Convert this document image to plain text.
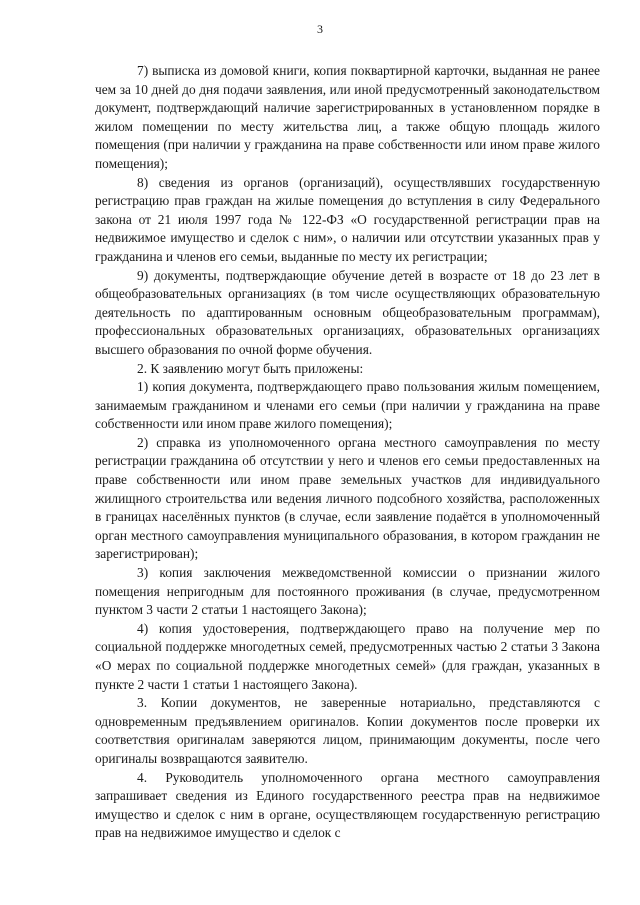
3

7) выписка из домовой книги, копия поквартирной карточки, выданная не ранее чем за 10 дней до дня подачи заявления, или иной предусмотренный законодательством документ, подтверждающий наличие зарегистрированных в установленном порядке в жилом помещении по месту жительства лиц, а также общую площадь жилого помещения (при наличии у гражданина на праве собственности или ином праве жилого помещения);

8) сведения из органов (организаций), осуществлявших государственную регистрацию прав граждан на жилые помещения до вступления в силу Федерального закона от 21 июля 1997 года № 122-ФЗ «О государственной регистрации прав на недвижимое имущество и сделок с ним», о наличии или отсутствии указанных прав у гражданина и членов его семьи, выданные по месту их регистрации;

9) документы, подтверждающие обучение детей в возрасте от 18 до 23 лет в общеобразовательных организациях (в том числе осуществляющих образовательную деятельность по адаптированным основным общеобразовательным программам), профессиональных образовательных организациях, образовательных организациях высшего образования по очной форме обучения.

2. К заявлению могут быть приложены:

1) копия документа, подтверждающего право пользования жилым помещением, занимаемым гражданином и членами его семьи (при наличии у гражданина на праве собственности или ином праве жилого помещения);

2) справка из уполномоченного органа местного самоуправления по месту регистрации гражданина об отсутствии у него и членов его семьи предоставленных на праве собственности или ином праве земельных участков для индивидуального жилищного строительства или ведения личного подсобного хозяйства, расположенных в границах населённых пунктов (в случае, если заявление подаётся в уполномоченный орган местного самоуправления муниципального образования, в котором гражданин не зарегистрирован);

3) копия заключения межведомственной комиссии о признании жилого помещения непригодным для постоянного проживания (в случае, предусмотренном пунктом 3 части 2 статьи 1 настоящего Закона);

4) копия удостоверения, подтверждающего право на получение мер по социальной поддержке многодетных семей, предусмотренных частью 2 статьи 3 Закона «О мерах по социальной поддержке многодетных семей» (для граждан, указанных в пункте 2 части 1 статьи 1 настоящего Закона).

3. Копии документов, не заверенные нотариально, представляются с одновременным предъявлением оригиналов. Копии документов после проверки их соответствия оригиналам заверяются лицом, принимающим документы, после чего оригиналы возвращаются заявителю.

4. Руководитель уполномоченного органа местного самоуправления запрашивает сведения из Единого государственного реестра прав на недвижимое имущество и сделок с ним в органе, осуществляющем государственную регистрацию прав на недвижимое имущество и сделок с
